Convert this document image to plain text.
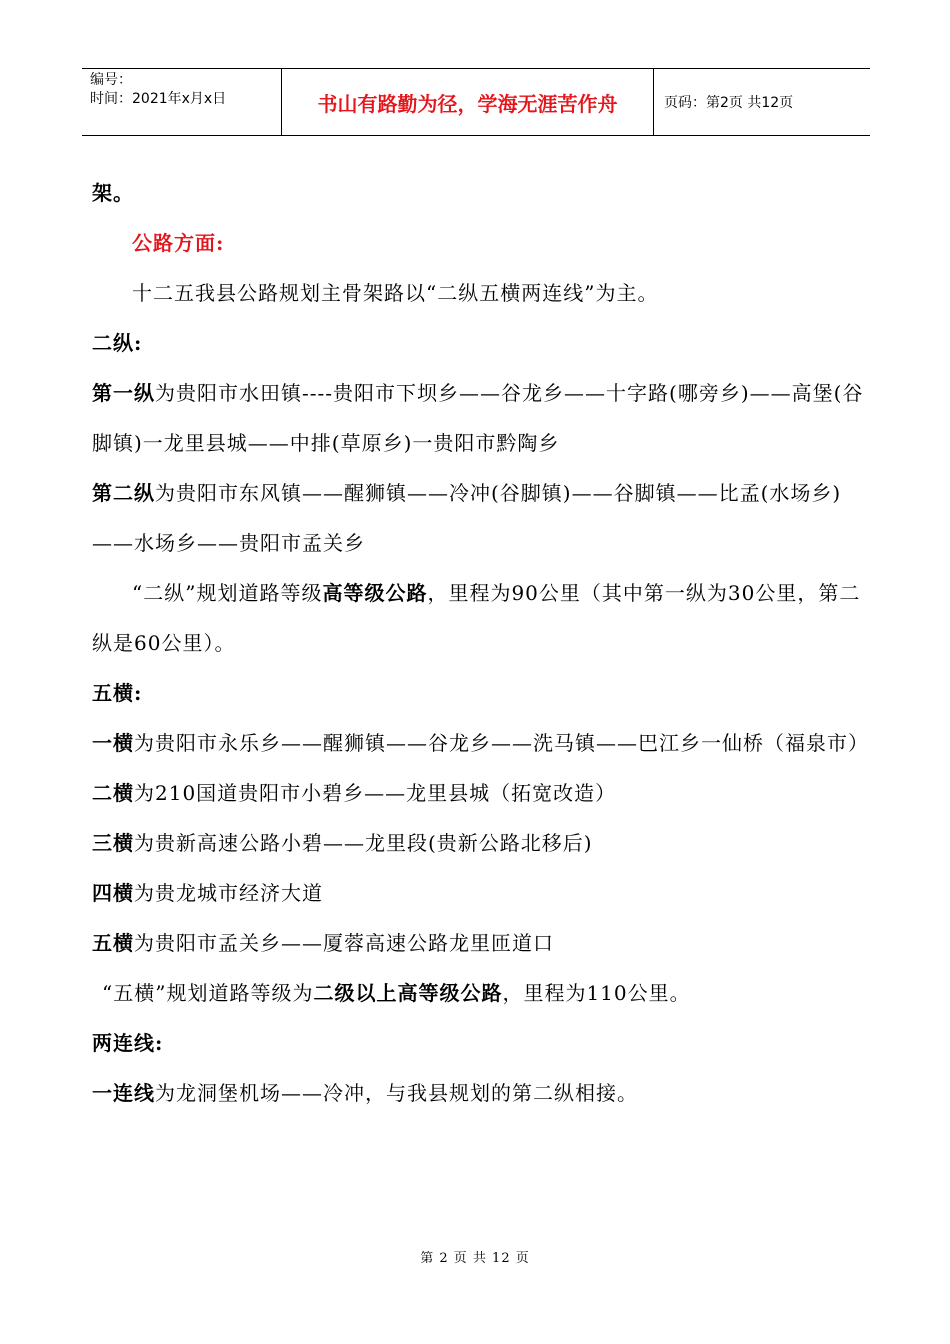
编号：
时间：2021年x月x日	书山有路勤为径，学海无涯苦作舟	页码：第2页 共12页

架。

公路方面:

十二五我县公路规划主骨架路以“二纵五横两连线”为主。

二纵:

第一纵为贵阳市水田镇----贵阳市下坝乡——谷龙乡——十字路(哪旁乡)——高堡(谷脚镇)一龙里县城——中排(草原乡)一贵阳市黔陶乡

第二纵为贵阳市东风镇——醒狮镇——冷冲(谷脚镇)——谷脚镇——比孟(水场乡)——水场乡——贵阳市孟关乡

“二纵”规划道路等级高等级公路，里程为90公里（其中第一纵为30公里，第二纵是60公里）。

五横:

一横为贵阳市永乐乡——醒狮镇——谷龙乡——洗马镇——巴江乡一仙桥（福泉市）

二横为210国道贵阳市小碧乡——龙里县城（拓宽改造）

三横为贵新高速公路小碧——龙里段(贵新公路北移后)

四横为贵龙城市经济大道

五横为贵阳市孟关乡——厦蓉高速公路龙里匝道口

“五横”规划道路等级为二级以上高等级公路，里程为110公里。

两连线:

一连线为龙洞堡机场——冷冲，与我县规划的第二纵相接。

第 2 页 共 12 页
